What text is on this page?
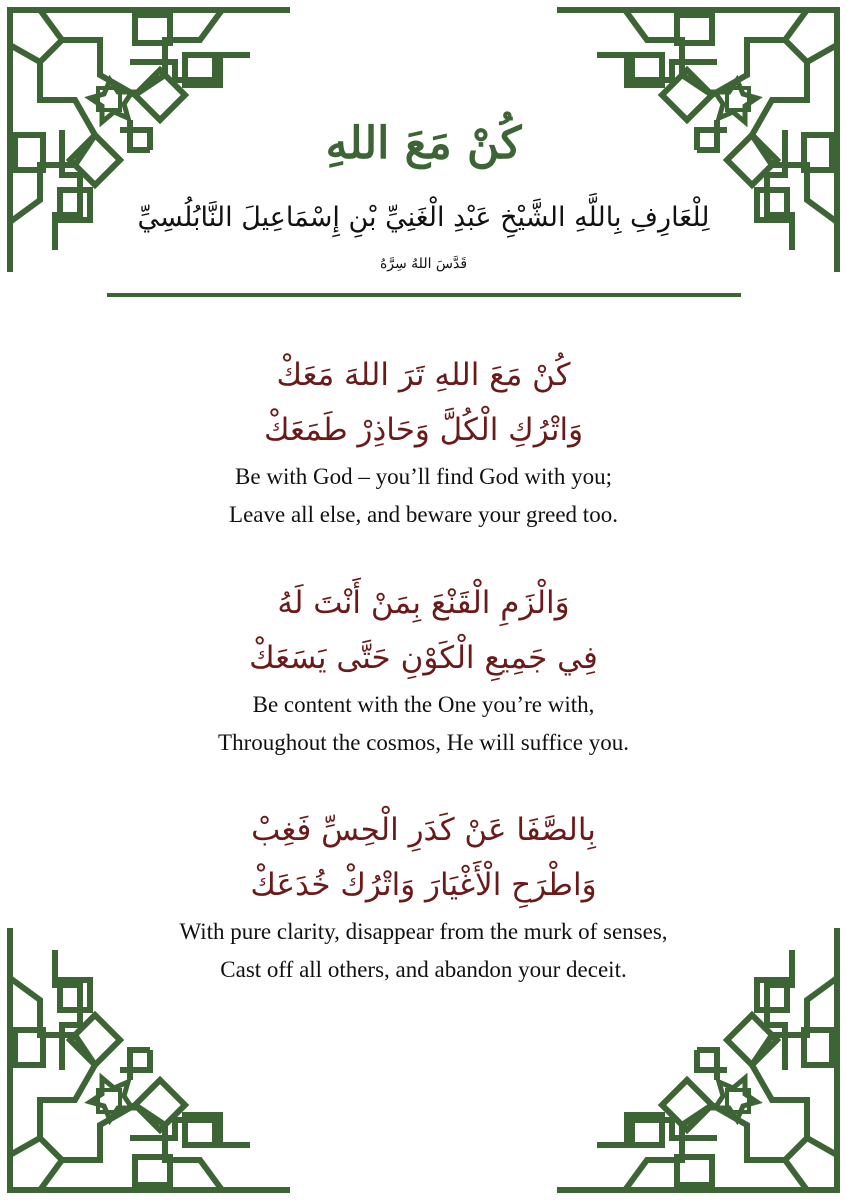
كُنْ مَعَ اللهِ
لِلْعَارِفِ بِاللَّهِ الشَّيْخِ عَبْدِ الْغَنِيِّ بْنِ إِسْمَاعِيلَ النَّابُلُسِيِّ
قَدَّسَ اللهُ سِرَّهُ
كُنْ مَعَ اللهِ تَرَ اللهَ مَعَكْ
وَاتْرُكِ الْكُلَّ وَحَاذِرْ طَمَعَكْ
Be with God – you’ll find God with you;
Leave all else, and beware your greed too.
وَالْزَمِ الْقَنْعَ بِمَنْ أَنْتَ لَهُ
فِي جَمِيعِ الْكَوْنِ حَتَّى يَسَعَكْ
Be content with the One you’re with,
Throughout the cosmos, He will suffice you.
بِالصَّفَا عَنْ كَدَرِ الْحِسِّ فَغِبْ
وَاطْرَحِ الْأَغْيَارَ وَاتْرُكْ خُدَعَكْ
With pure clarity, disappear from the murk of senses,
Cast off all others, and abandon your deceit.
